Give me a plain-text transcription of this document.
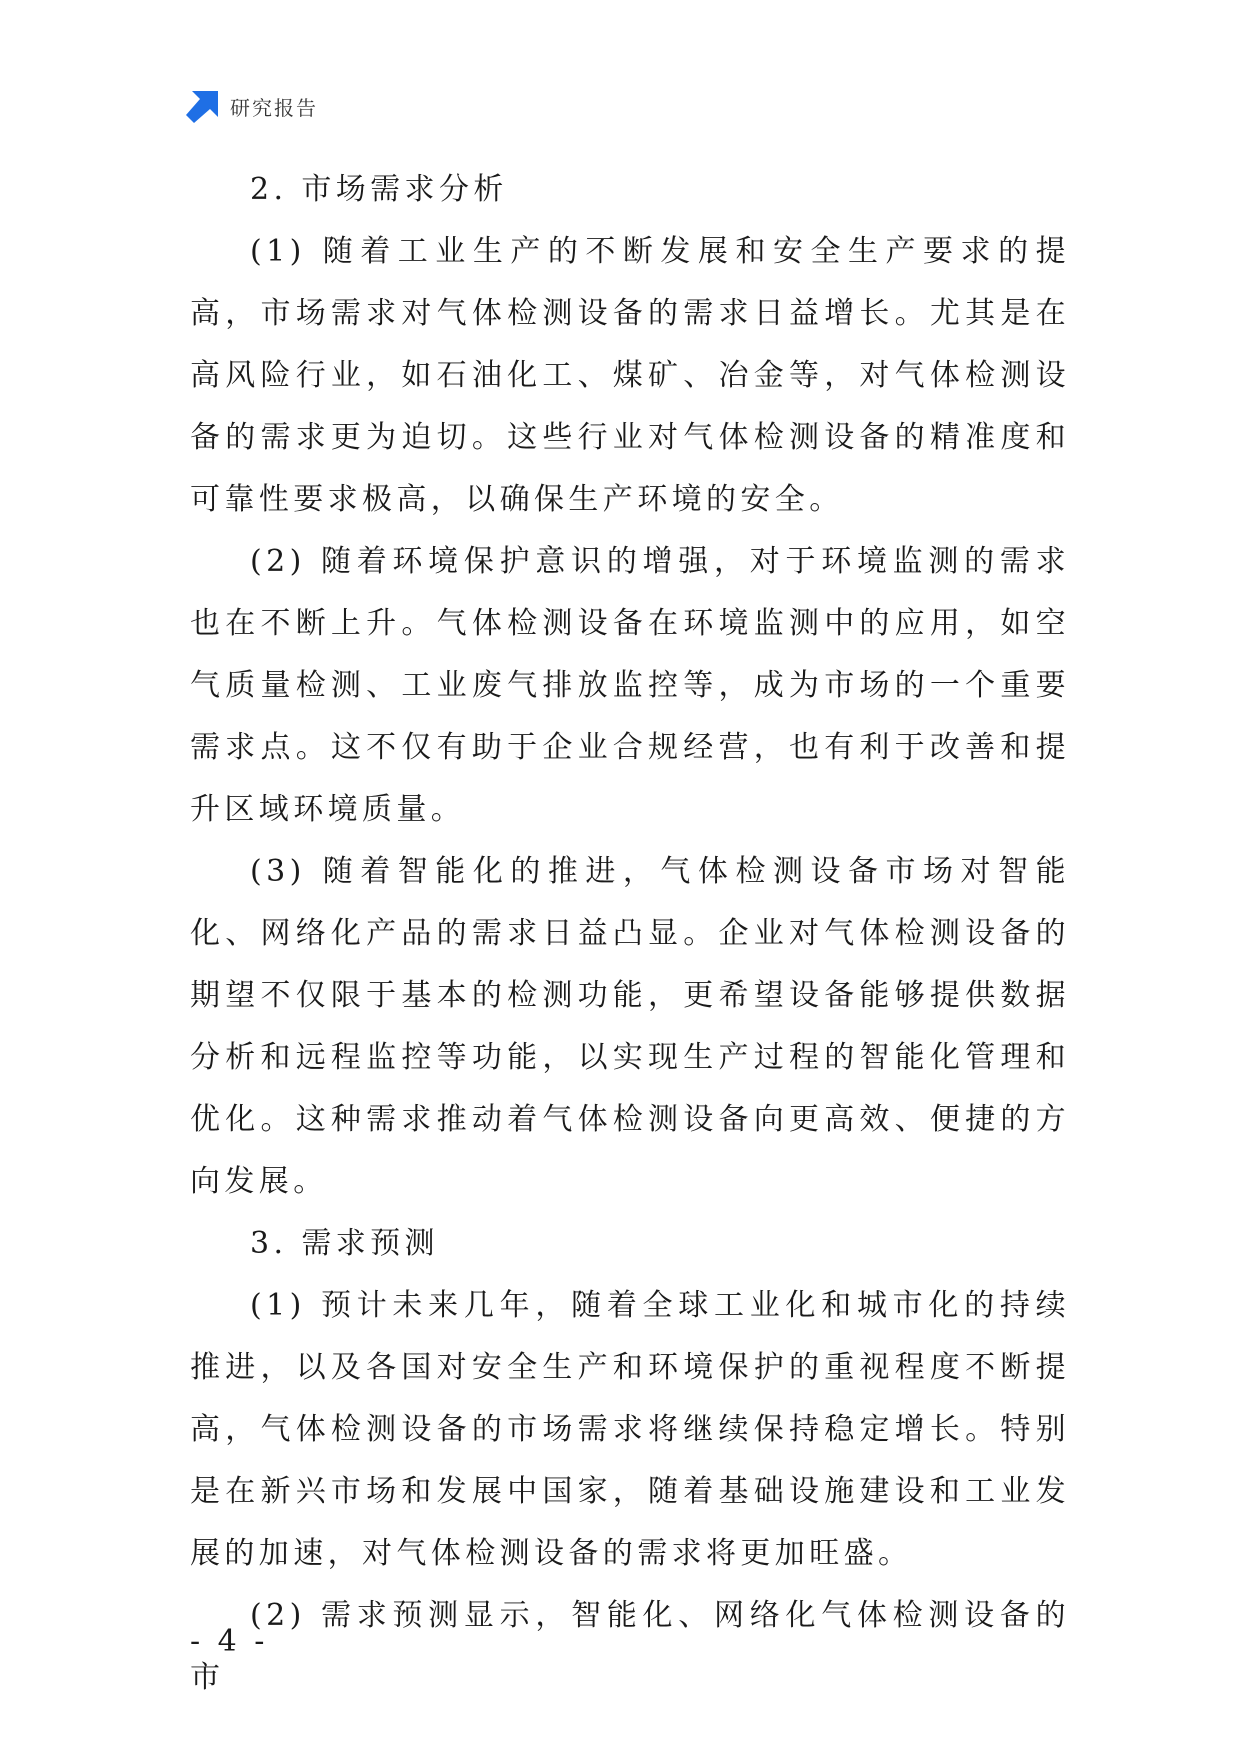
研究报告

2. 市场需求分析

(1) 随着工业生产的不断发展和安全生产要求的提高，市场需求对气体检测设备的需求日益增长。尤其是在高风险行业，如石油化工、煤矿、冶金等，对气体检测设备的需求更为迫切。这些行业对气体检测设备的精准度和可靠性要求极高，以确保生产环境的安全。

(2) 随着环境保护意识的增强，对于环境监测的需求也在不断上升。气体检测设备在环境监测中的应用，如空气质量检测、工业废气排放监控等，成为市场的一个重要需求点。这不仅有助于企业合规经营，也有利于改善和提升区域环境质量。

(3) 随着智能化的推进，气体检测设备市场对智能化、网络化产品的需求日益凸显。企业对气体检测设备的期望不仅限于基本的检测功能，更希望设备能够提供数据分析和远程监控等功能，以实现生产过程的智能化管理和优化。这种需求推动着气体检测设备向更高效、便捷的方向发展。

3. 需求预测

(1) 预计未来几年，随着全球工业化和城市化的持续推进，以及各国对安全生产和环境保护的重视程度不断提高，气体检测设备的市场需求将继续保持稳定增长。特别是在新兴市场和发展中国家，随着基础设施建设和工业发展的加速，对气体检测设备的需求将更加旺盛。

(2) 需求预测显示，智能化、网络化气体检测设备的市

- 4 -
